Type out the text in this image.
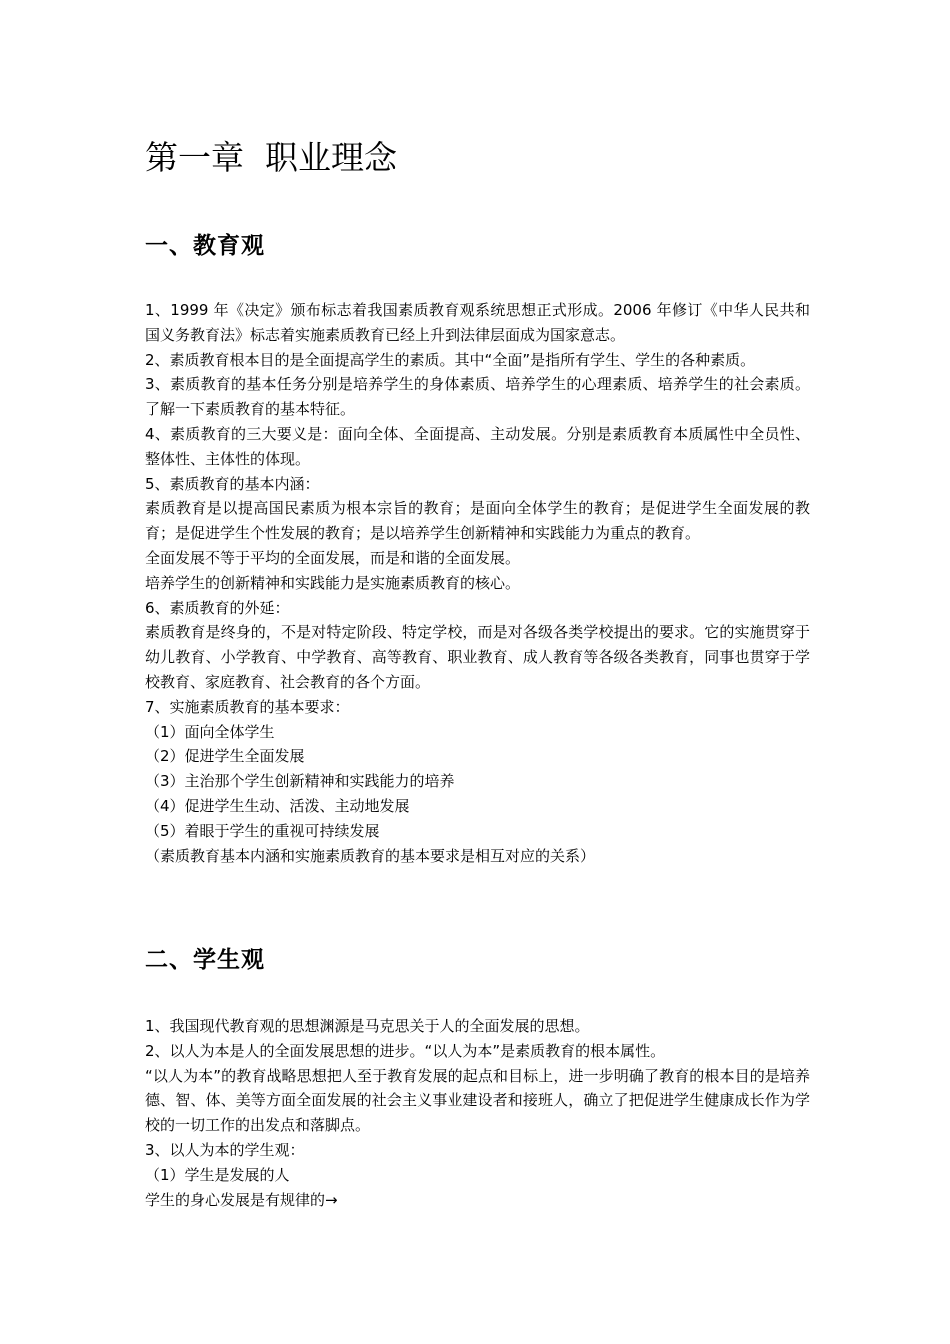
第一章  职业理念
一、教育观

1、1999 年《决定》颁布标志着我国素质教育观系统思想正式形成。2006 年修订《中华人民共和国义务教育法》标志着实施素质教育已经上升到法律层面成为国家意志。

2、素质教育根本目的是全面提高学生的素质。其中“全面”是指所有学生、学生的各种素质。

3、素质教育的基本任务分别是培养学生的身体素质、培养学生的心理素质、培养学生的社会素质。 了解一下素质教育的基本特征。

4、素质教育的三大要义是：面向全体、全面提高、主动发展。分别是素质教育本质属性中全员性、整体性、主体性的体现。

5、素质教育的基本内涵：

素质教育是以提高国民素质为根本宗旨的教育；是面向全体学生的教育；是促进学生全面发展的教育；是促进学生个性发展的教育；是以培养学生创新精神和实践能力为重点的教育。

全面发展不等于平均的全面发展，而是和谐的全面发展。

培养学生的创新精神和实践能力是实施素质教育的核心。

6、素质教育的外延：

素质教育是终身的，不是对特定阶段、特定学校，而是对各级各类学校提出的要求。它的实施贯穿于幼儿教育、小学教育、中学教育、高等教育、职业教育、成人教育等各级各类教育，同事也贯穿于学校教育、家庭教育、社会教育的各个方面。

7、实施素质教育的基本要求：

（1）面向全体学生

（2）促进学生全面发展

（3）主治那个学生创新精神和实践能力的培养

（4）促进学生生动、活泼、主动地发展

（5）着眼于学生的重视可持续发展

（素质教育基本内涵和实施素质教育的基本要求是相互对应的关系）

二、学生观

1、我国现代教育观的思想渊源是马克思关于人的全面发展的思想。

2、以人为本是人的全面发展思想的进步。“以人为本”是素质教育的根本属性。

“以人为本”的教育战略思想把人至于教育发展的起点和目标上，进一步明确了教育的根本目的是培养德、智、体、美等方面全面发展的社会主义事业建设者和接班人，确立了把促进学生健康成长作为学校的一切工作的出发点和落脚点。

3、以人为本的学生观：

（1）学生是发展的人

学生的身心发展是有规律的→
